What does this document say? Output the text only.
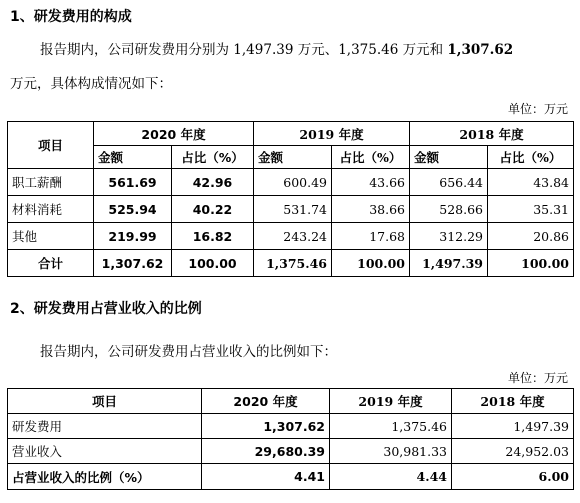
1、研发费用的构成
报告期内，公司研发费用分别为 1,497.39 万元、1,375.46 万元和 1,307.62
万元，具体构成情况如下：
单位：万元
项目	2020 年度		2019 年度		2018 年度	
	金额	占比（%）	金额	占比（%）	金额	占比（%）
职工薪酬	561.69	42.96	600.49	43.66	656.44	43.84
材料消耗	525.94	40.22	531.74	38.66	528.66	35.31
其他	219.99	16.82	243.24	17.68	312.29	20.86
合计	1,307.62	100.00	1,375.46	100.00	1,497.39	100.00
2、研发费用占营业收入的比例
报告期内，公司研发费用占营业收入的比例如下：
单位：万元
项目	2020 年度	2019 年度	2018 年度
研发费用	1,307.62	1,375.46	1,497.39
营业收入	29,680.39	30,981.33	24,952.03
占营业收入的比例（%）	4.41	4.44	6.00
